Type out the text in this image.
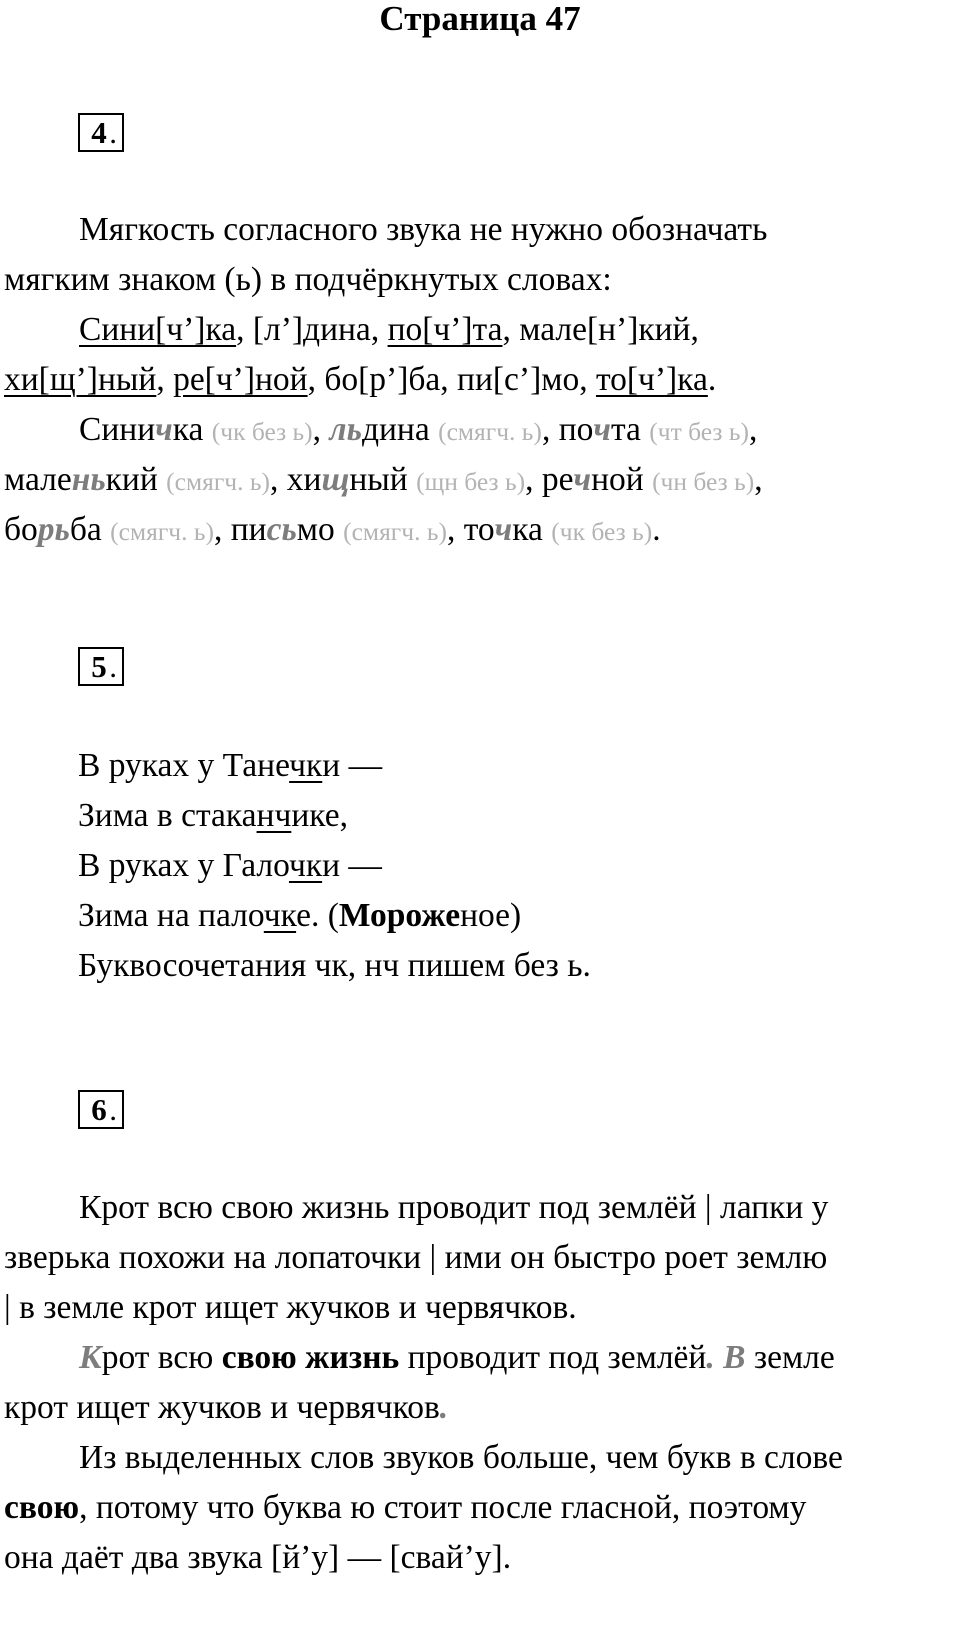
Страница 47
4 .
Мягкость согласного звука не нужно обозначать
мягким знаком (ь) в подчёркнутых словах:
Сини[ч’]ка, [л’]дина, по[ч’]та, мале[н’]кий,
хи[щ’]ный, ре[ч’]ной, бо[р’]ба, пи[с’]мо, то[ч’]ка.
Синичка (чк без ь), льдина (смягч. ь), почта (чт без ь),
маленький (смягч. ь), хищный (щн без ь), речной (чн без ь),
борьба (смягч. ь), письмо (смягч. ь), точка (чк без ь).
5 .
В руках у Танечки —
Зима в стаканчике,
В руках у Галочки —
Зима на палочке. (Мороженое)
Буквосочетания чк, нч пишем без ь.
6 .
Крот всю свою жизнь проводит под землёй | лапки у
зверька похожи на лопаточки | ими он быстро роет землю
| в земле крот ищет жучков и червячков.
Крот всю свою жизнь проводит под землёй. В земле
крот ищет жучков и червячков.
Из выделенных слов звуков больше, чем букв в слове
свою, потому что буква ю стоит после гласной, поэтому
она даёт два звука [й’у] — [свай’у].
